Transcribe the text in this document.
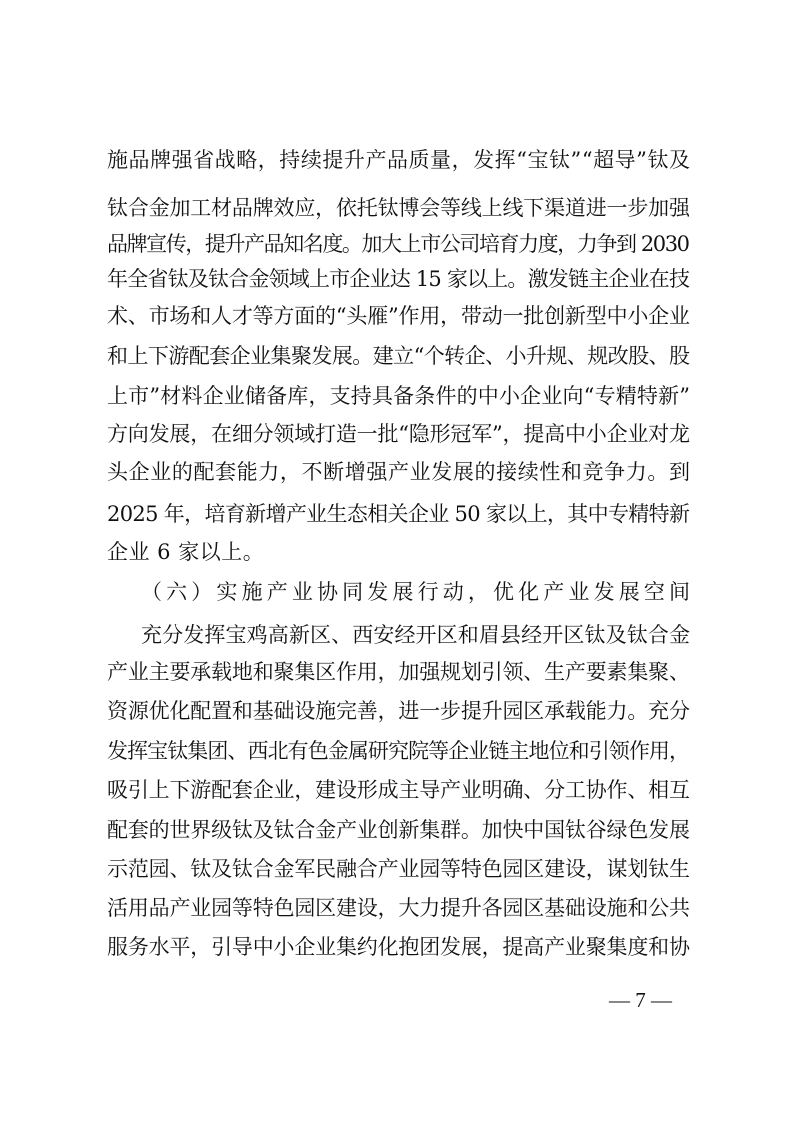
施品牌强省战略，持续提升产品质量，发挥“宝钛”“超导”钛及
钛合金加工材品牌效应，依托钛博会等线上线下渠道进一步加强
品牌宣传，提升产品知名度。加大上市公司培育力度，力争到 2030
年全省钛及钛合金领域上市企业达 15 家以上。激发链主企业在技
术、市场和人才等方面的“头雁”作用，带动一批创新型中小企业
和上下游配套企业集聚发展。建立“个转企、小升规、规改股、股
上市”材料企业储备库，支持具备条件的中小企业向“专精特新”
方向发展，在细分领域打造一批“隐形冠军”，提高中小企业对龙
头企业的配套能力，不断增强产业发展的接续性和竞争力。到
2025 年，培育新增产业生态相关企业 50 家以上，其中专精特新
企业 6 家以上。
（六）实施产业协同发展行动，优化产业发展空间
充分发挥宝鸡高新区、西安经开区和眉县经开区钛及钛合金
产业主要承载地和聚集区作用，加强规划引领、生产要素集聚、
资源优化配置和基础设施完善，进一步提升园区承载能力。充分
发挥宝钛集团、西北有色金属研究院等企业链主地位和引领作用，
吸引上下游配套企业，建设形成主导产业明确、分工协作、相互
配套的世界级钛及钛合金产业创新集群。加快中国钛谷绿色发展
示范园、钛及钛合金军民融合产业园等特色园区建设，谋划钛生
活用品产业园等特色园区建设，大力提升各园区基础设施和公共
服务水平，引导中小企业集约化抱团发展，提高产业聚集度和协
— 7 —
